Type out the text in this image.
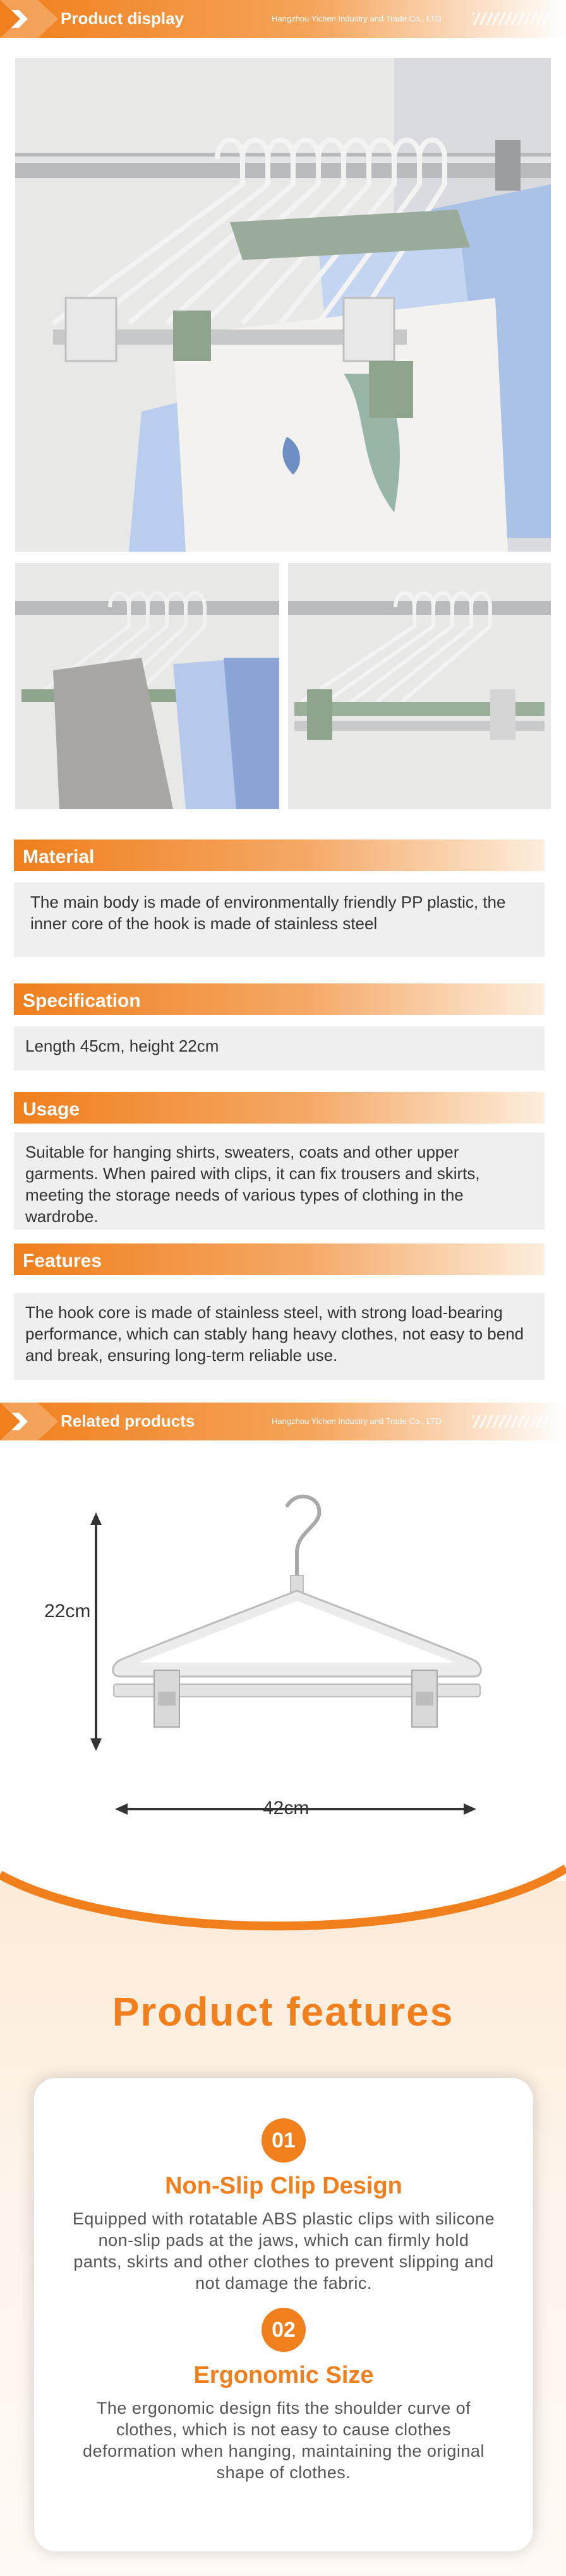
Product display	Hangzhou Yichen Industry and Trade Co., LTD
Material
The main body is made of environmentally friendly PP plastic, the inner core of the hook is made of stainless steel
Specification
Length 45cm, height 22cm
Usage
Suitable for hanging shirts, sweaters, coats and other upper garments. When paired with clips, it can fix trousers and skirts, meeting the storage needs of various types of clothing in the wardrobe.
Features
The hook core is made of stainless steel, with strong load-bearing performance, which can stably hang heavy clothes, not easy to bend and break, ensuring long-term reliable use.
Related products	Hangzhou Yichen Industry and Trade Co., LTD
22cm
42cm
Product features
01
Non-Slip Clip Design
Equipped with rotatable ABS plastic clips with silicone non-slip pads at the jaws, which can firmly hold pants, skirts and other clothes to prevent slipping and not damage the fabric.
02
Ergonomic Size
The ergonomic design fits the shoulder curve of clothes, which is not easy to cause clothes deformation when hanging, maintaining the original shape of clothes.
